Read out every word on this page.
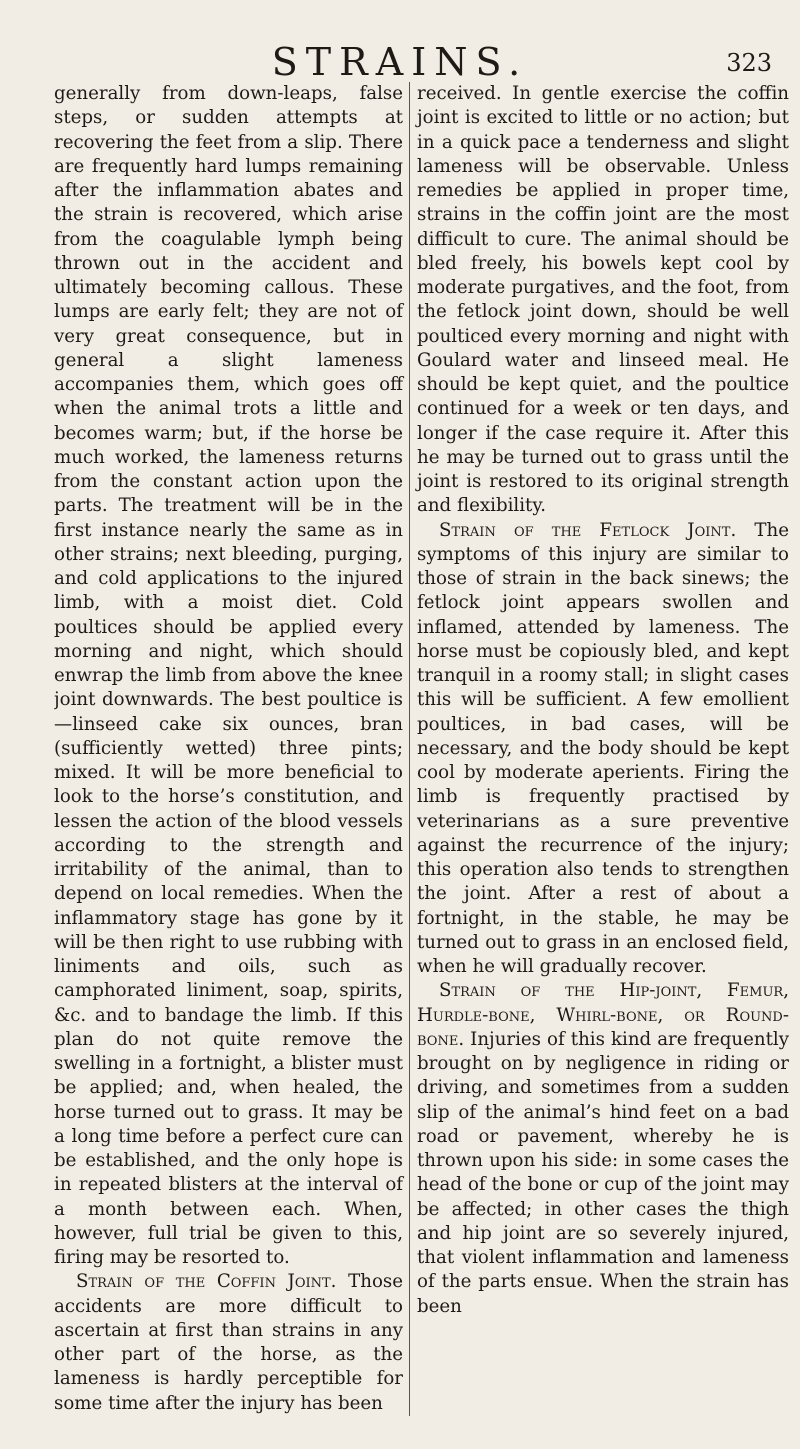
STRAINS.	323

generally from down-leaps, false steps, or sudden attempts at recovering the feet from a slip. There are frequently hard lumps remaining after the inflammation abates and the strain is recovered, which arise from the coagulable lymph being thrown out in the accident and ultimately becoming callous. These lumps are early felt; they are not of very great consequence, but in general a slight lameness accompanies them, which goes off when the animal trots a little and becomes warm; but, if the horse be much worked, the lameness returns from the constant action upon the parts. The treatment will be in the first instance nearly the same as in other strains; next bleeding, purging, and cold applications to the injured limb, with a moist diet. Cold poultices should be applied every morning and night, which should enwrap the limb from above the knee joint downwards. The best poultice is—linseed cake six ounces, bran (sufficiently wetted) three pints; mixed. It will be more beneficial to look to the horse’s constitution, and lessen the action of the blood vessels according to the strength and irritability of the animal, than to depend on local remedies. When the inflammatory stage has gone by it will be then right to use rubbing with liniments and oils, such as camphorated liniment, soap, spirits, &c. and to bandage the limb. If this plan do not quite remove the swelling in a fortnight, a blister must be applied; and, when healed, the horse turned out to grass. It may be a long time before a perfect cure can be established, and the only hope is in repeated blisters at the interval of a month between each. When, however, full trial be given to this, firing may be resorted to.

Strain of the Coffin Joint. Those accidents are more difficult to ascertain at first than strains in any other part of the horse, as the lameness is hardly perceptible for some time after the injury has been

received. In gentle exercise the coffin joint is excited to little or no action; but in a quick pace a tenderness and slight lameness will be observable. Unless remedies be applied in proper time, strains in the coffin joint are the most difficult to cure. The animal should be bled freely, his bowels kept cool by moderate purgatives, and the foot, from the fetlock joint down, should be well poulticed every morning and night with Goulard water and linseed meal. He should be kept quiet, and the poultice continued for a week or ten days, and longer if the case require it. After this he may be turned out to grass until the joint is restored to its original strength and flexibility.

Strain of the Fetlock Joint. The symptoms of this injury are similar to those of strain in the back sinews; the fetlock joint appears swollen and inflamed, attended by lameness. The horse must be copiously bled, and kept tranquil in a roomy stall; in slight cases this will be sufficient. A few emollient poultices, in bad cases, will be necessary, and the body should be kept cool by moderate aperients. Firing the limb is frequently practised by veterinarians as a sure preventive against the recurrence of the injury; this operation also tends to strengthen the joint. After a rest of about a fortnight, in the stable, he may be turned out to grass in an enclosed field, when he will gradually recover.

Strain of the Hip-joint, Femur, Hurdle-bone, Whirl-bone, or Round-bone. Injuries of this kind are frequently brought on by negligence in riding or driving, and sometimes from a sudden slip of the animal’s hind feet on a bad road or pavement, whereby he is thrown upon his side: in some cases the head of the bone or cup of the joint may be affected; in other cases the thigh and hip joint are so severely injured, that violent inflammation and lameness of the parts ensue. When the strain has been
